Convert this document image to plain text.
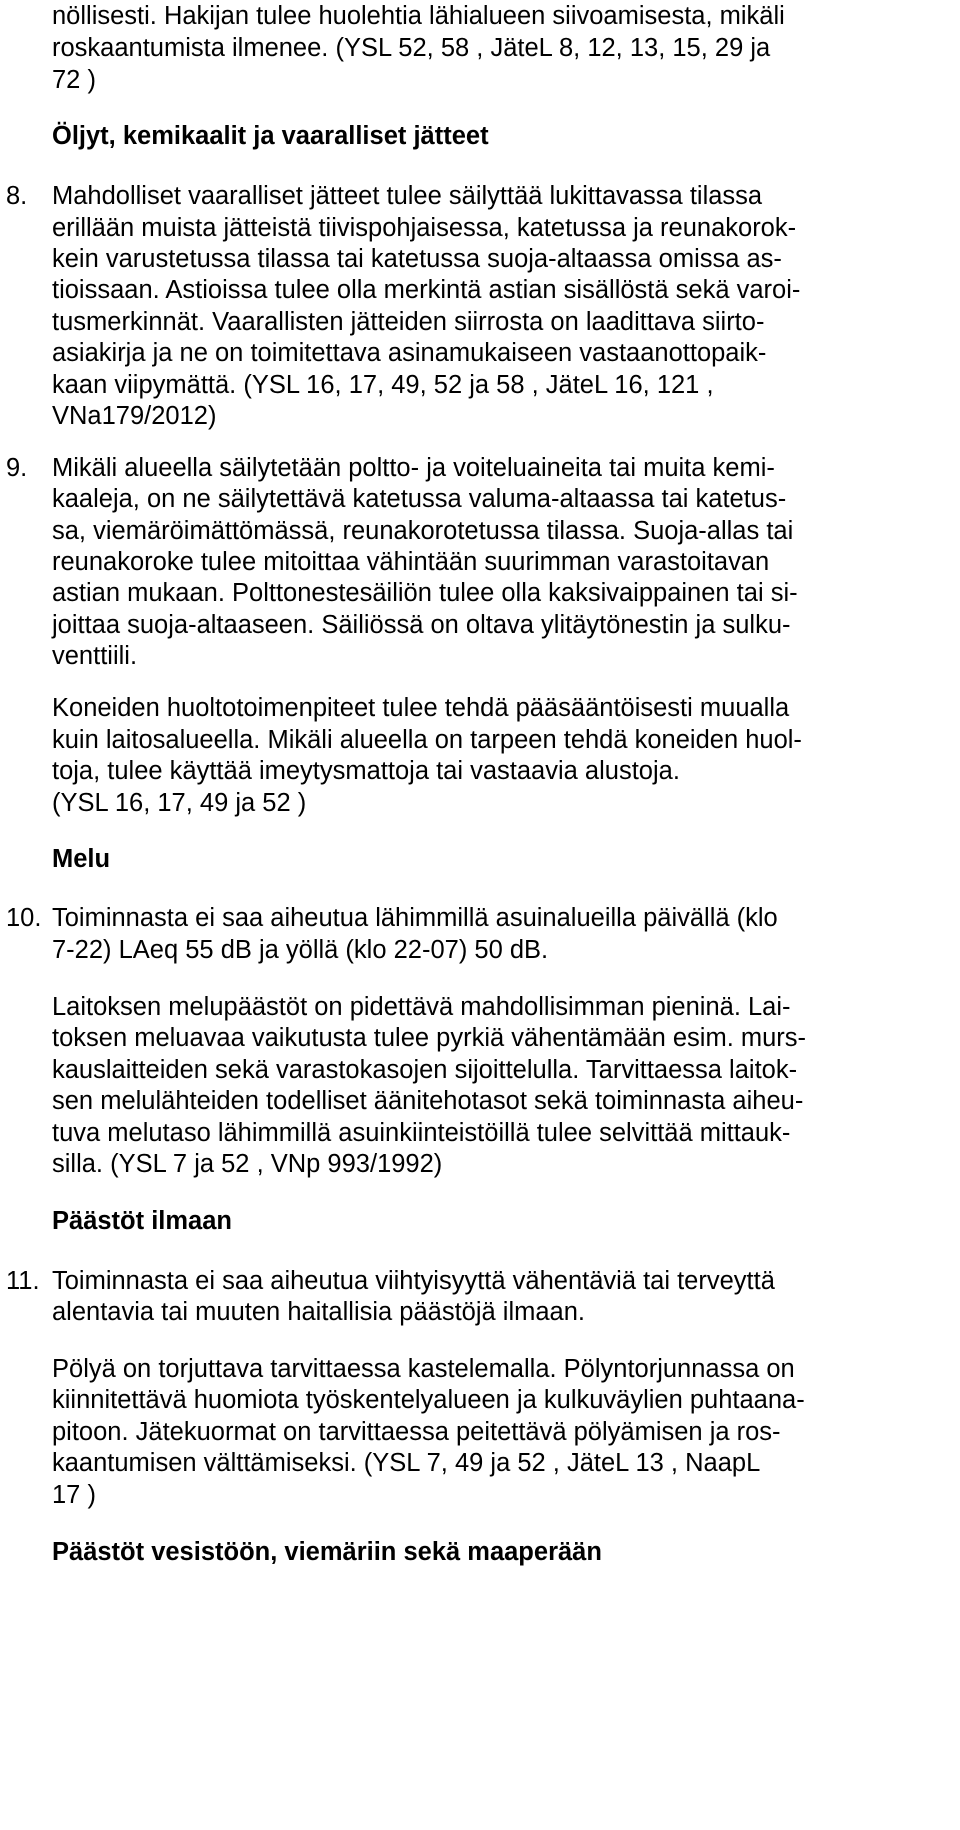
nöllisesti. Hakijan tulee huolehtia lähialueen siivoamisesta, mikäli
roskaantumista ilmenee. (YSL 52, 58 , JäteL 8, 12, 13, 15, 29 ja
72 )
Öljyt, kemikaalit ja vaaralliset jätteet
8. Mahdolliset vaaralliset jätteet tulee säilyttää lukittavassa tilassa
erillään muista jätteistä tiivispohjaisessa, katetussa ja reunakorok-
kein varustetussa tilassa tai katetussa suoja-altaassa omissa as-
tioissaan. Astioissa tulee olla merkintä astian sisällöstä sekä varoi-
tusmerkinnät. Vaarallisten jätteiden siirrosta on laadittava siirto-
asiakirja ja ne on toimitettava asinamukaiseen vastaanottopaik-
kaan viipymättä. (YSL 16, 17, 49, 52 ja 58 , JäteL 16, 121 ,
VNa179/2012)
9. Mikäli alueella säilytetään poltto- ja voiteluaineita tai muita kemi-
kaaleja, on ne säilytettävä katetussa valuma-altaassa tai katetus-
sa, viemäröimättömässä, reunakorotetussa tilassa. Suoja-allas tai
reunakoroke tulee mitoittaa vähintään suurimman varastoitavan
astian mukaan. Polttonestesäiliön tulee olla kaksivaippainen tai si-
joittaa suoja-altaaseen. Säiliössä on oltava ylitäytönestin ja sulku-
venttiili.
Koneiden huoltotoimenpiteet tulee tehdä pääsääntöisesti muualla
kuin laitosalueella. Mikäli alueella on tarpeen tehdä koneiden huol-
toja, tulee käyttää imeytysmattoja tai vastaavia alustoja.
(YSL 16, 17, 49 ja 52 )
Melu
10. Toiminnasta ei saa aiheutua lähimmillä asuinalueilla päivällä (klo
7-22) LAeq 55 dB ja yöllä (klo 22-07) 50 dB.
Laitoksen melupäästöt on pidettävä mahdollisimman pieninä. Lai-
toksen meluavaa vaikutusta tulee pyrkiä vähentämään esim. murs-
kauslaitteiden sekä varastokasojen sijoittelulla. Tarvittaessa laitok-
sen melulähteiden todelliset äänitehotasot sekä toiminnasta aiheu-
tuva melutaso lähimmillä asuinkiinteistöillä tulee selvittää mittauk-
silla. (YSL 7 ja 52 , VNp 993/1992)
Päästöt ilmaan
11. Toiminnasta ei saa aiheutua viihtyisyyttä vähentäviä tai terveyttä
alentavia tai muuten haitallisia päästöjä ilmaan.
Pölyä on torjuttava tarvittaessa kastelemalla. Pölyntorjunnassa on
kiinnitettävä huomiota työskentelyalueen ja kulkuväylien puhtaana-
pitoon. Jätekuormat on tarvittaessa peitettävä pölyämisen ja ros-
kaantumisen välttämiseksi. (YSL 7, 49 ja 52 , JäteL 13 , NaapL
17 )
Päästöt vesistöön, viemäriin sekä maaperään
